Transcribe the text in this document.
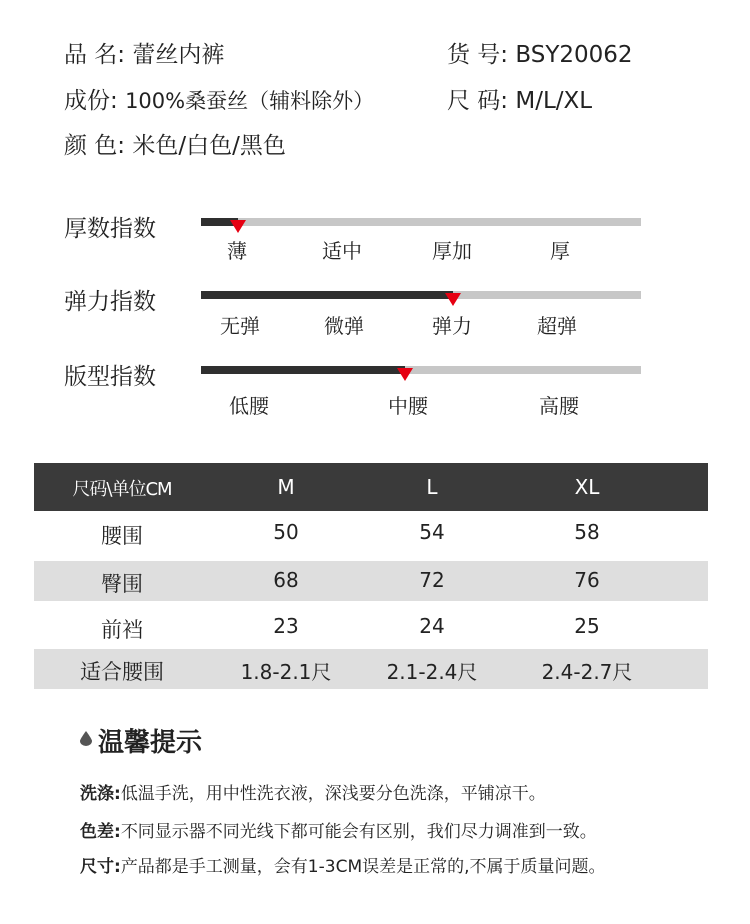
品 名: 蕾丝内裤	货 号: BSY20062
成份: 100%桑蚕丝（辅料除外）	尺 码: M/L/XL
颜 色: 米色/白色/黑色
厚数指数
薄	适中	厚加	厚
弹力指数
无弹	微弹	弹力	超弹
版型指数
低腰	中腰	高腰
尺码\单位CM	M	L	XL
腰围	50	54	58
臀围	68	72	76
前裆	23	24	25
适合腰围	1.8-2.1尺	2.1-2.4尺	2.4-2.7尺
温馨提示
洗涤:低温手洗，用中性洗衣液，深浅要分色洗涤，平铺凉干。
色差:不同显示器不同光线下都可能会有区别，我们尽力调准到一致。
尺寸:产品都是手工测量，会有1-3CM误差是正常的,不属于质量问题。
